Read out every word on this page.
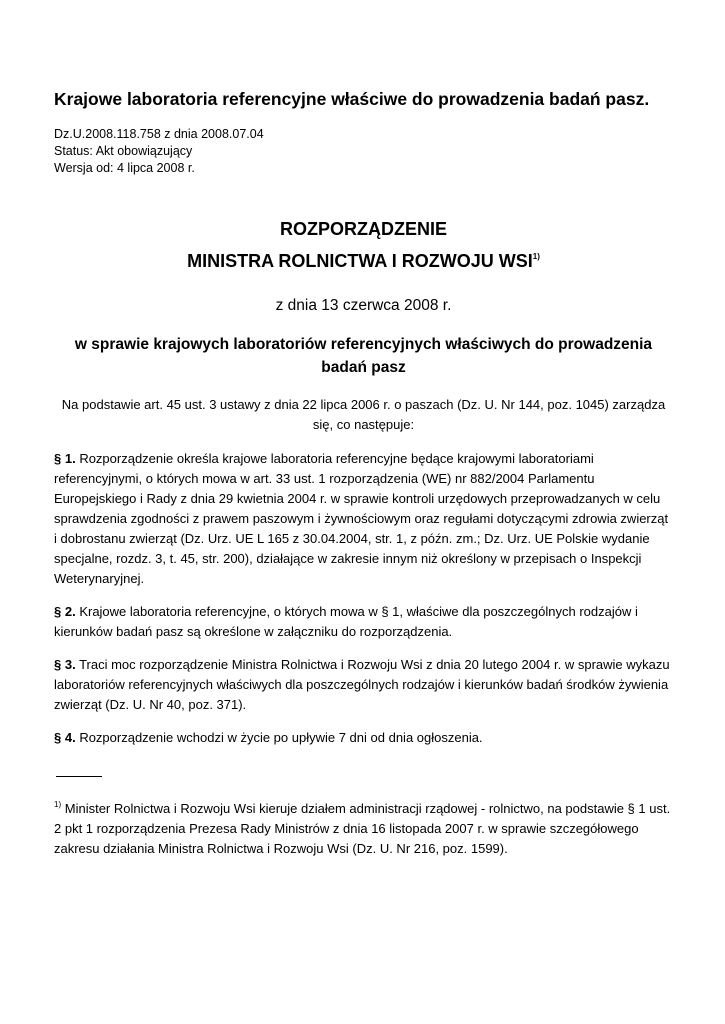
Krajowe laboratoria referencyjne właściwe do prowadzenia badań pasz.
Dz.U.2008.118.758 z dnia 2008.07.04
Status: Akt obowiązujący
Wersja od: 4 lipca 2008 r.
ROZPORZĄDZENIE
MINISTRA ROLNICTWA I ROZWOJU WSI$^{1)}$
z dnia 13 czerwca 2008 r.
w sprawie krajowych laboratoriów referencyjnych właściwych do prowadzenia badań pasz
Na podstawie art. 45 ust. 3 ustawy z dnia 22 lipca 2006 r. o paszach (Dz. U. Nr 144, poz. 1045) zarządza się, co następuje:
§ 1. Rozporządzenie określa krajowe laboratoria referencyjne będące krajowymi laboratoriami referencyjnymi, o których mowa w art. 33 ust. 1 rozporządzenia (WE) nr 882/2004 Parlamentu Europejskiego i Rady z dnia 29 kwietnia 2004 r. w sprawie kontroli urzędowych przeprowadzanych w celu sprawdzenia zgodności z prawem paszowym i żywnościowym oraz regułami dotyczącymi zdrowia zwierząt i dobrostanu zwierząt (Dz. Urz. UE L 165 z 30.04.2004, str. 1, z późn. zm.; Dz. Urz. UE Polskie wydanie specjalne, rozdz. 3, t. 45, str. 200), działające w zakresie innym niż określony w przepisach o Inspekcji Weterynaryjnej.
§ 2. Krajowe laboratoria referencyjne, o których mowa w § 1, właściwe dla poszczególnych rodzajów i kierunków badań pasz są określone w załączniku do rozporządzenia.
§ 3. Traci moc rozporządzenie Ministra Rolnictwa i Rozwoju Wsi z dnia 20 lutego 2004 r. w sprawie wykazu laboratoriów referencyjnych właściwych dla poszczególnych rodzajów i kierunków badań środków żywienia zwierząt (Dz. U. Nr 40, poz. 371).
§ 4. Rozporządzenie wchodzi w życie po upływie 7 dni od dnia ogłoszenia.
$^{1)}$ Minister Rolnictwa i Rozwoju Wsi kieruje działem administracji rządowej - rolnictwo, na podstawie § 1 ust. 2 pkt 1 rozporządzenia Prezesa Rady Ministrów z dnia 16 listopada 2007 r. w sprawie szczegółowego zakresu działania Ministra Rolnictwa i Rozwoju Wsi (Dz. U. Nr 216, poz. 1599).
